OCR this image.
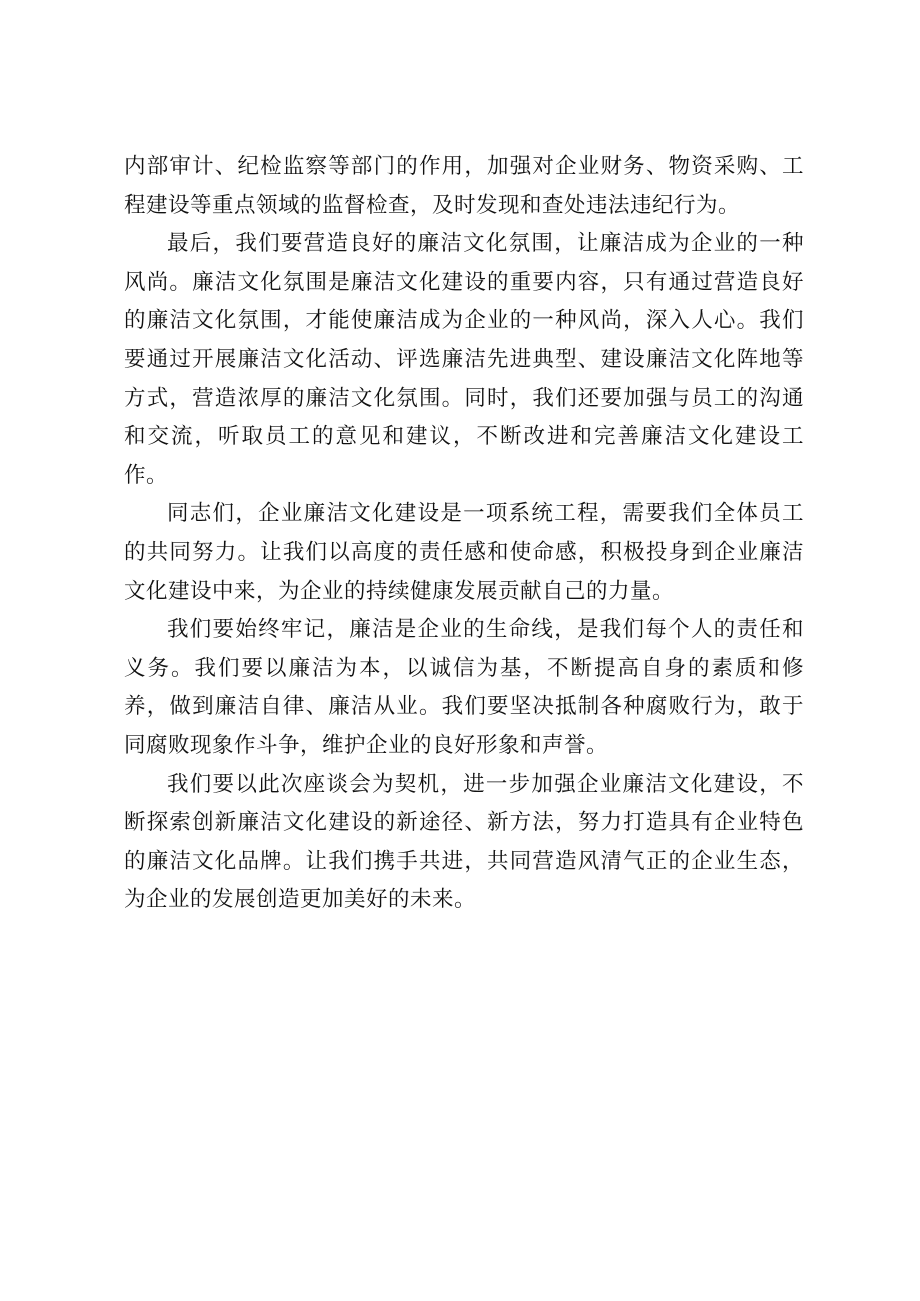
内部审计、纪检监察等部门的作用，加强对企业财务、物资采购、工程建设等重点领域的监督检查，及时发现和查处违法违纪行为。

最后，我们要营造良好的廉洁文化氛围，让廉洁成为企业的一种风尚。廉洁文化氛围是廉洁文化建设的重要内容，只有通过营造良好的廉洁文化氛围，才能使廉洁成为企业的一种风尚，深入人心。我们要通过开展廉洁文化活动、评选廉洁先进典型、建设廉洁文化阵地等方式，营造浓厚的廉洁文化氛围。同时，我们还要加强与员工的沟通和交流，听取员工的意见和建议，不断改进和完善廉洁文化建设工作。

同志们，企业廉洁文化建设是一项系统工程，需要我们全体员工的共同努力。让我们以高度的责任感和使命感，积极投身到企业廉洁文化建设中来，为企业的持续健康发展贡献自己的力量。

我们要始终牢记，廉洁是企业的生命线，是我们每个人的责任和义务。我们要以廉洁为本，以诚信为基，不断提高自身的素质和修养，做到廉洁自律、廉洁从业。我们要坚决抵制各种腐败行为，敢于同腐败现象作斗争，维护企业的良好形象和声誉。

我们要以此次座谈会为契机，进一步加强企业廉洁文化建设，不断探索创新廉洁文化建设的新途径、新方法，努力打造具有企业特色的廉洁文化品牌。让我们携手共进，共同营造风清气正的企业生态，为企业的发展创造更加美好的未来。
